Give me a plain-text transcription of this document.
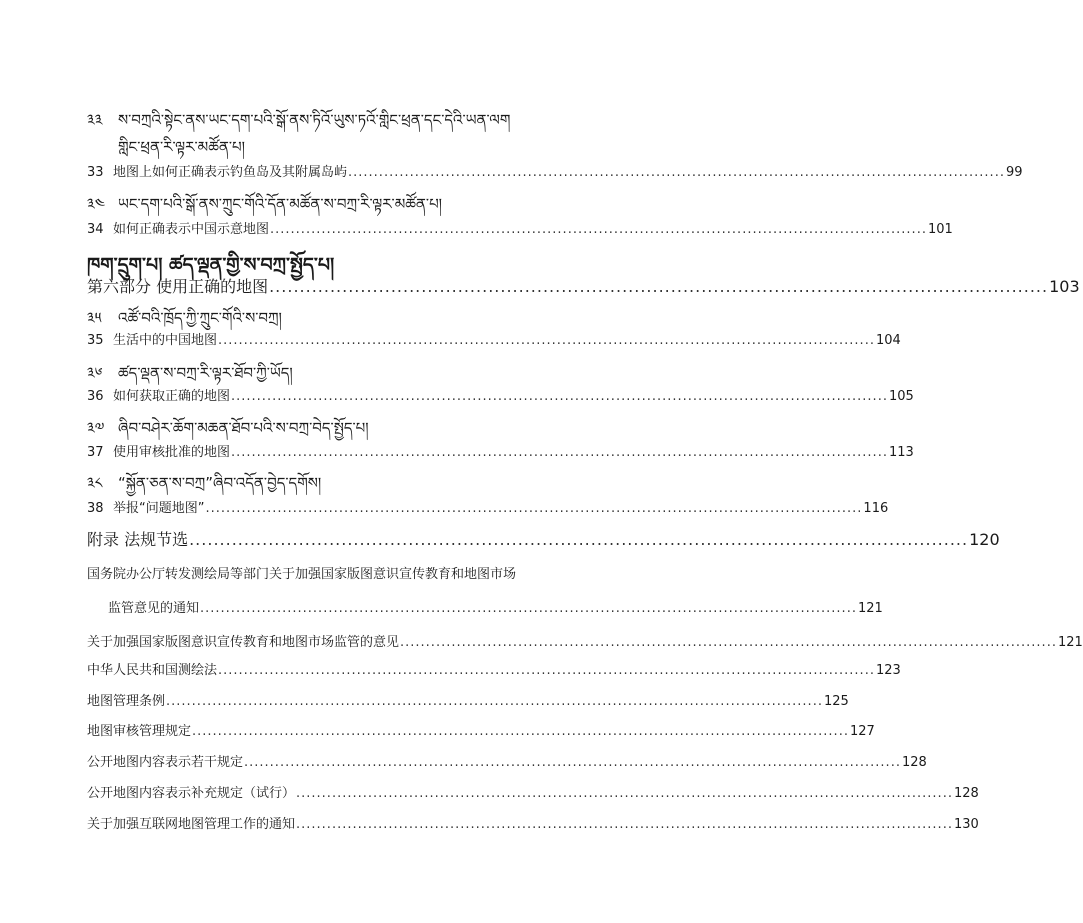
༣༣ ས་བཀྲའི་སྟེང་ནས་ཡང་དག་པའི་སྒོ་ནས་ཏིའོ་ཡུས་ཏའོ་གླིང་ཕྲན་དང་དེའི་ཡན་ལག
གླིང་ཕྲན་རི་ལྟར་མཚོན་པ།
33 地图上如何正确表示钓鱼岛及其附属岛屿 ................................................................................................................................ 99
༣༤ ཡང་དག་པའི་སྒོ་ནས་ཀྲུང་གོའི་དོན་མཚོན་ས་བཀྲ་རི་ལྟར་མཚོན་པ།
34 如何正确表示中国示意地图 ................................................................................................................................ 101
ཁག་དྲུག་པ། ཚད་ལྡན་གྱི་ས་བཀྲ་སྤྱོད་པ།
第六部分 使用正确的地图 ................................................................................................................................ 103
༣༥ འཚོ་བའི་ཁྲོད་ཀྱི་ཀྲུང་གོའི་ས་བཀྲ།
35 生活中的中国地图 ................................................................................................................................ 104
༣༦ ཚད་ལྡན་ས་བཀྲ་རི་ལྟར་ཐོབ་ཀྱི་ཡོད།
36 如何获取正确的地图 ................................................................................................................................ 105
༣༧ ཞིབ་བཤེར་ཆོག་མཆན་ཐོབ་པའི་ས་བཀྲ་བེད་སྤྱོད་པ།
37 使用审核批准的地图 ................................................................................................................................ 113
༣༨ “སྐྱོན་ཅན་ས་བཀྲ”ཞིབ་འདོན་བྱེད་དགོས།
38 举报“问题地图” ................................................................................................................................ 116
附录 法规节选 ................................................................................................................................ 120
国务院办公厅转发测绘局等部门关于加强国家版图意识宣传教育和地图市场
监管意见的通知 ................................................................................................................................ 121
关于加强国家版图意识宣传教育和地图市场监管的意见 ................................................................................................................................ 121
中华人民共和国测绘法 ................................................................................................................................ 123
地图管理条例 ................................................................................................................................ 125
地图审核管理规定 ................................................................................................................................ 127
公开地图内容表示若干规定 ................................................................................................................................ 128
公开地图内容表示补充规定（试行） ................................................................................................................................ 128
关于加强互联网地图管理工作的通知 ................................................................................................................................ 130
